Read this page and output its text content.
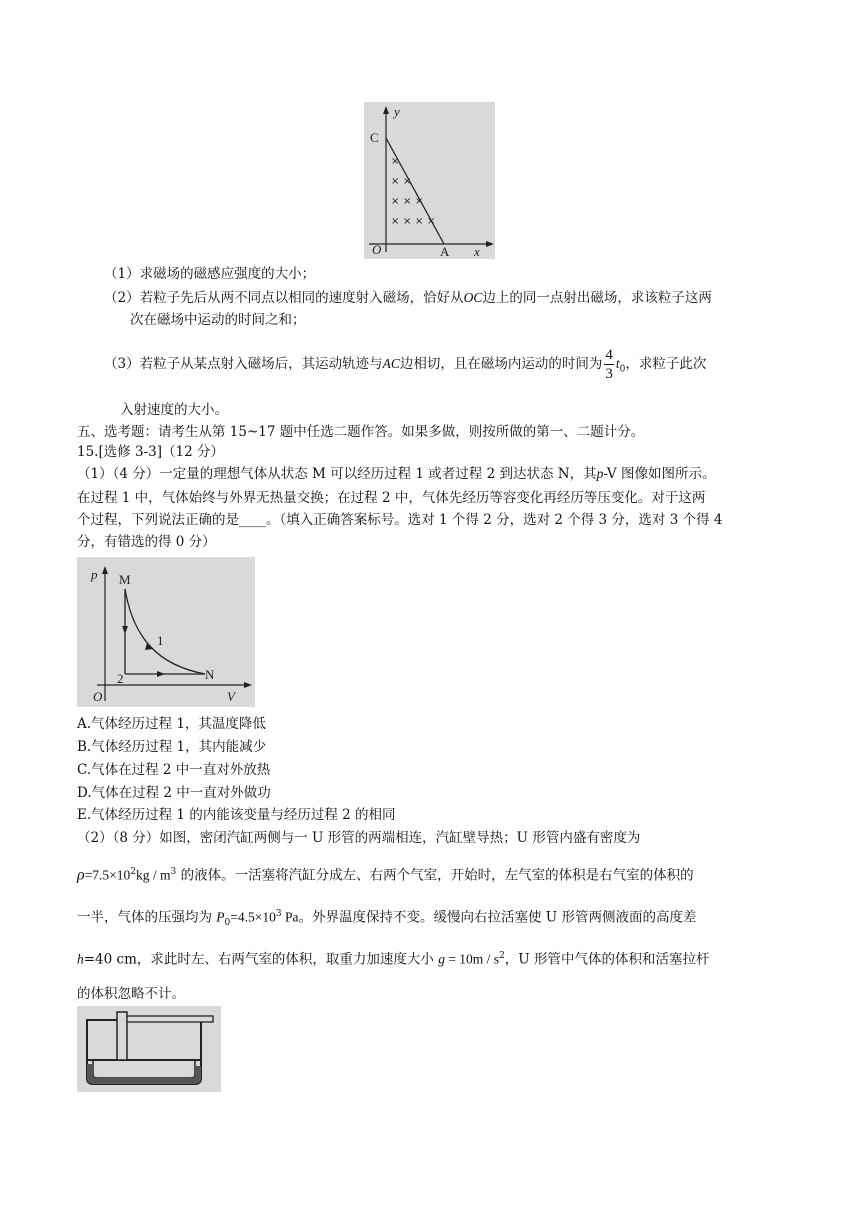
×
× ×
× × ×
× × × ×
y
C
O	A x
（1）求磁场的磁感应强度的大小；
（2）若粒子先后从两不同点以相同的速度射入磁场，恰好从OC边上的同一点射出磁场，求该粒子这两
次在磁场中运动的时间之和；
（3）若粒子从某点射入磁场后，其运动轨迹与AC边相切，且在磁场内运动的时间为 $\frac{4}{3} t_0$，求粒子此次
入射速度的大小。
五、选考题：请考生从第 15~17 题中任选二题作答。如果多做，则按所做的第一、二题计分。
15.[选修 3-3]（12 分）
（1）（4 分）一定量的理想气体从状态 M 可以经历过程 1 或者过程 2 到达状态 N，其p-V 图像如图所示。
在过程 1 中，气体始终与外界无热量交换；在过程 2 中，气体先经历等容变化再经历等压变化。对于这两
个过程，下列说法正确的是____。（填入正确答案标号。选对 1 个得 2 分，选对 2 个得 3 分，选对 3 个得 4
分，有错选的得 0 分）
p M
1
2	N
O	V
A.气体经历过程 1，其温度降低
B.气体经历过程 1，其内能减少
C.气体在过程 2 中一直对外放热
D.气体在过程 2 中一直对外做功
E.气体经历过程 1 的内能该变量与经历过程 2 的相同
（2）（8 分）如图，密闭汽缸两侧与一 U 形管的两端相连，汽缸壁导热；U 形管内盛有密度为
$\rho=7.5\times 10^2kg / m^3$ 的液体。一活塞将汽缸分成左、右两个气室，开始时，左气室的体积是右气室的体积的
一半，气体的压强均为 $P_0=4.5\times 10^3$ Pa。外界温度保持不变。缓慢向右拉活塞使 U 形管两侧液面的高度差
h=40 cm，求此时左、右两气室的体积，取重力加速度大小 $g = 10m / s^2$，U 形管中气体的体积和活塞拉杆
的体积忽略不计。
